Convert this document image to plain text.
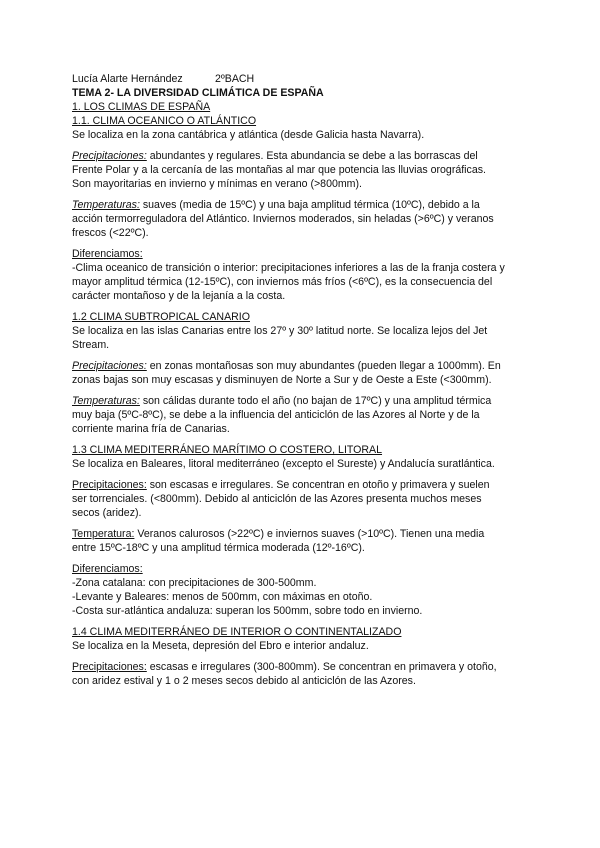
Lucía Alarte Hernández	2ºBACH

TEMA 2- LA DIVERSIDAD CLIMÁTICA DE ESPAÑA

1. LOS CLIMAS DE ESPAÑA

1.1. CLIMA OCEANICO O ATLÁNTICO

Se localiza en la zona cantábrica y atlántica (desde Galicia hasta Navarra).

Precipitaciones: abundantes y regulares. Esta abundancia se debe a las borrascas del

Frente Polar y a la cercanía de las montañas al mar que potencia las lluvias orográficas.

Son mayoritarias en invierno y mínimas en verano (>800mm).

Temperaturas: suaves (media de 15ºC) y una baja amplitud térmica (10ºC), debido a la

acción termorreguladora del Atlántico. Inviernos moderados, sin heladas (>6ºC) y veranos

frescos (<22ºC).

Diferenciamos:

-Clima oceanico de transición o interior: precipitaciones inferiores a las de la franja costera y

mayor amplitud térmica (12-15ºC), con inviernos más fríos (<6ºC), es la consecuencia del

carácter montañoso y de la lejanía a la costa.

1.2 CLIMA SUBTROPICAL CANARIO

Se localiza en las islas Canarias entre los 27º y 30º latitud norte. Se localiza lejos del Jet

Stream.

Precipitaciones: en zonas montañosas son muy abundantes (pueden llegar a 1000mm). En

zonas bajas son muy escasas y disminuyen de Norte a Sur y de Oeste a Este (<300mm).

Temperaturas: son cálidas durante todo el año (no bajan de 17ºC) y una amplitud térmica

muy baja (5ºC-8ºC), se debe a la influencia del anticiclón de las Azores al Norte y de la

corriente marina fría de Canarias.

1.3 CLIMA MEDITERRÁNEO MARÍTIMO O COSTERO, LITORAL

Se localiza en Baleares, litoral mediterráneo (excepto el Sureste) y Andalucía suratlántica.

Precipitaciones: son escasas e irregulares. Se concentran en otoño y primavera y suelen

ser torrenciales. (<800mm). Debido al anticiclón de las Azores presenta muchos meses

secos (aridez).

Temperatura: Veranos calurosos (>22ºC) e inviernos suaves (>10ºC). Tienen una media

entre 15ºC-18ºC y una amplitud térmica moderada (12º-16ºC).

Diferenciamos:

-Zona catalana: con precipitaciones de 300-500mm.

-Levante y Baleares: menos de 500mm, con máximas en otoño.

-Costa sur-atlántica andaluza: superan los 500mm, sobre todo en invierno.

1.4 CLIMA MEDITERRÁNEO DE INTERIOR O CONTINENTALIZADO

Se localiza en la Meseta, depresión del Ebro e interior andaluz.

Precipitaciones: escasas e irregulares (300-800mm). Se concentran en primavera y otoño,

con aridez estival y 1 o 2 meses secos debido al anticiclón de las Azores.
